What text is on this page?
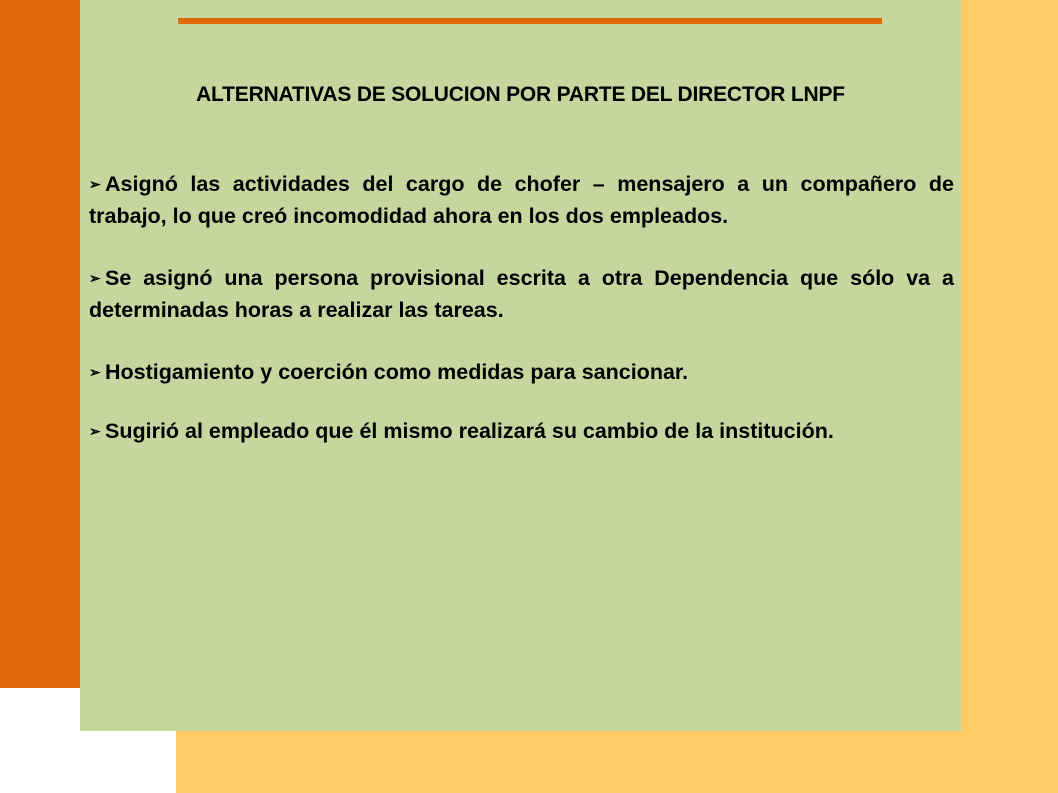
ALTERNATIVAS DE SOLUCION POR PARTE DEL DIRECTOR LNPF
➢ Asignó las actividades del cargo de chofer – mensajero a un compañero de trabajo, lo que creó incomodidad ahora en los dos empleados.
➢ Se asignó una persona provisional escrita a otra Dependencia que sólo va a determinadas horas a realizar las tareas.
➢ Hostigamiento y coerción como medidas para sancionar.
➢ Sugirió al empleado que él mismo realizará su cambio de la institución.
